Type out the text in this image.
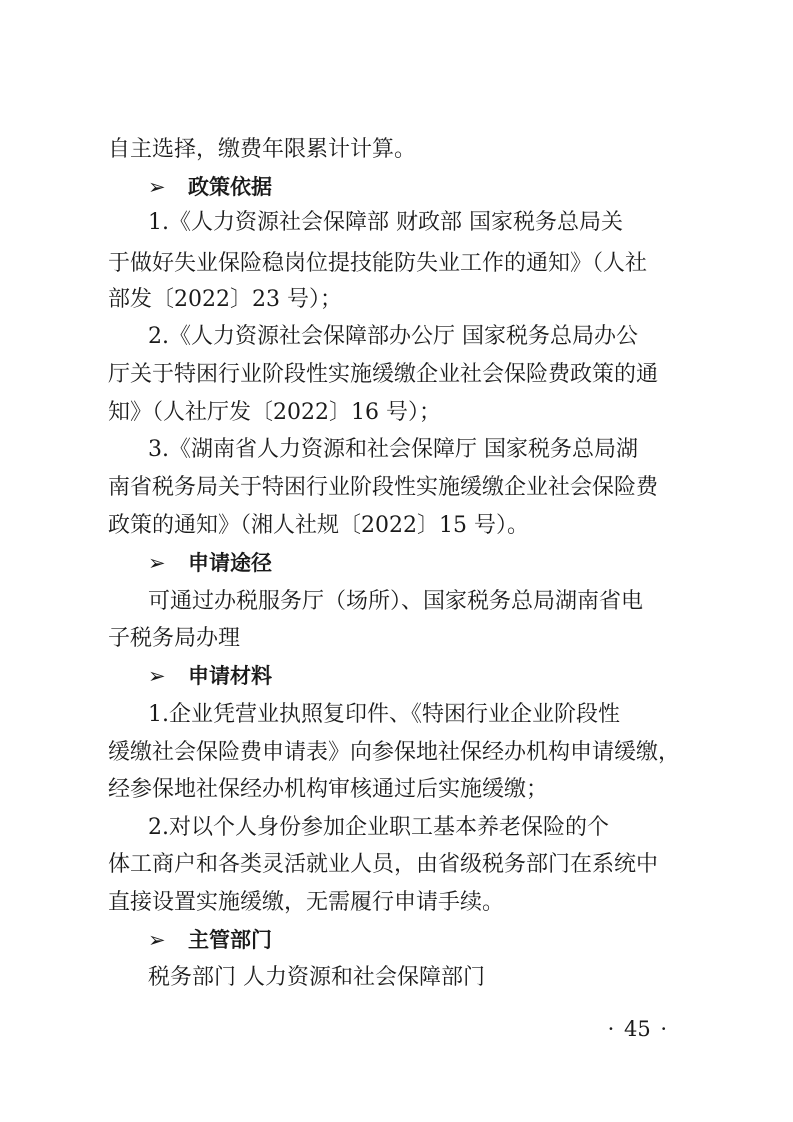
自主选择，缴费年限累计计算。
➢ 政策依据
1.《人力资源社会保障部 财政部 国家税务总局关
于做好失业保险稳岗位提技能防失业工作的通知》（人社
部发〔2022〕23 号）；
2.《人力资源社会保障部办公厅 国家税务总局办公
厅关于特困行业阶段性实施缓缴企业社会保险费政策的通
知》（人社厅发〔2022〕16 号）；
3.《湖南省人力资源和社会保障厅 国家税务总局湖
南省税务局关于特困行业阶段性实施缓缴企业社会保险费
政策的通知》（湘人社规〔2022〕15 号）。
➢ 申请途径
可通过办税服务厅（场所）、国家税务总局湖南省电
子税务局办理
➢ 申请材料
1.企业凭营业执照复印件、《特困行业企业阶段性
缓缴社会保险费申请表》向参保地社保经办机构申请缓缴，
经参保地社保经办机构审核通过后实施缓缴；
2.对以个人身份参加企业职工基本养老保险的个
体工商户和各类灵活就业人员，由省级税务部门在系统中
直接设置实施缓缴，无需履行申请手续。
➢ 主管部门
税务部门 人力资源和社会保障部门
· 45 ·
